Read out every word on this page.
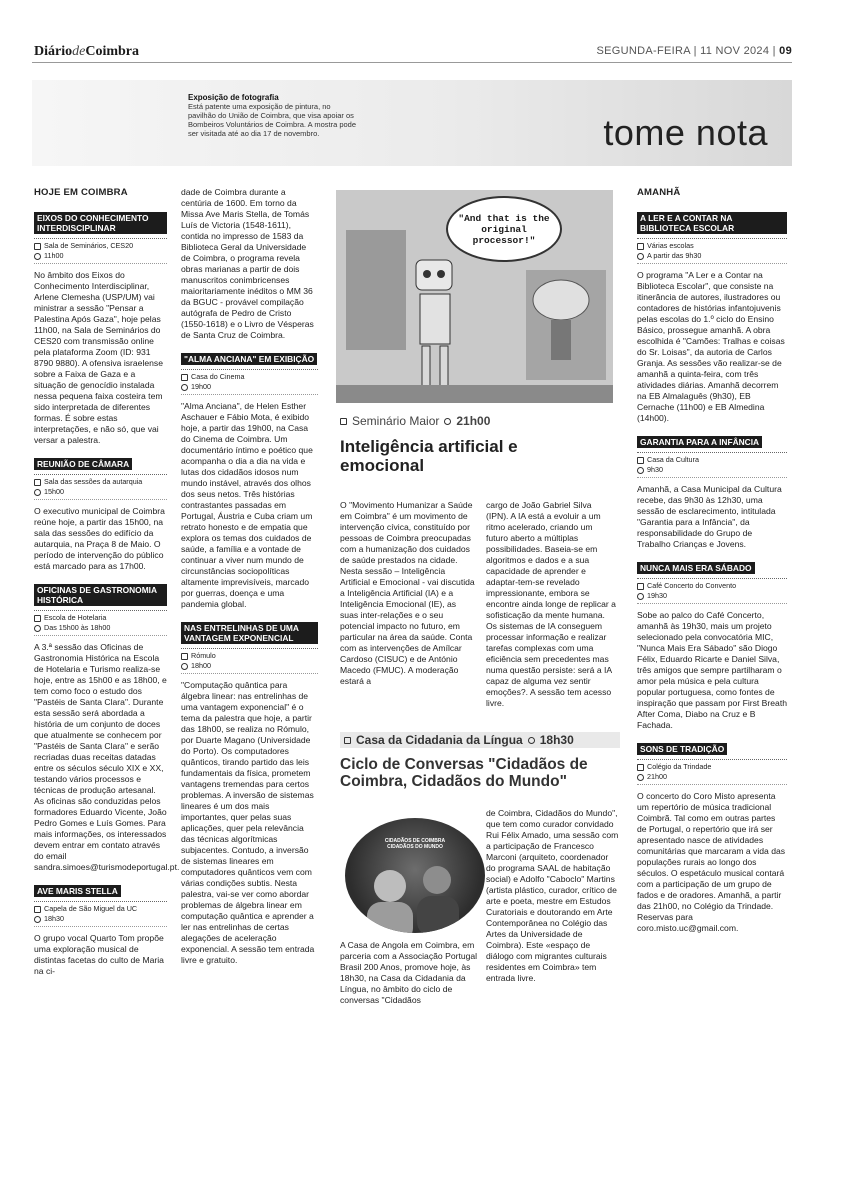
DiáriodeCoimbra	SEGUNDA-FEIRA | 11 NOV 2024 | 09
Exposição de fotografia
Está patente uma exposição de pintura, no pavilhão do União de Coimbra, que visa apoiar os Bombeiros Voluntários de Coimbra. A mostra pode ser visitada até ao dia 17 de novembro.	tome nota
HOJE EM COIMBRA
EIXOS DO CONHECIMENTO INTERDISCIPLINAR
Sala de Seminários, CES20
11h00

No âmbito dos Eixos do Conhecimento Interdisciplinar, Arlene Clemesha (USP/UM) vai ministrar a sessão "Pensar a Palestina Após Gaza", hoje pelas 11h00, na Sala de Seminários do CES20 com transmissão online pela plataforma Zoom (ID: 931 8790 9880). A ofensiva israelense sobre a Faixa de Gaza e a situação de genocídio instalada nessa pequena faixa costeira tem sido interpretada de diferentes formas. É sobre estas interpretações, e não só, que vai versar a palestra.

REUNIÃO DE CÂMARA
Sala das sessões da autarquia
15h00

O executivo municipal de Coimbra reúne hoje, a partir das 15h00, na sala das sessões do edifício da autarquia, na Praça 8 de Maio. O período de intervenção do público está marcado para as 17h00.

OFICINAS DE GASTRONOMIA HISTÓRICA
Escola de Hotelaria
Das 15h00 às 18h00

A 3.ª sessão das Oficinas de Gastronomia Histórica na Escola de Hotelaria e Turismo realiza-se hoje, entre as 15h00 e as 18h00, e tem como foco o estudo dos "Pastéis de Santa Clara". Durante esta sessão será abordada a história de um conjunto de doces que atualmente se conhecem por "Pastéis de Santa Clara" e serão recriadas duas receitas datadas entre os séculos século XIX e XX, testando vários processos e técnicas de produção artesanal. As oficinas são conduzidas pelos formadores Eduardo Vicente, João Pedro Gomes e Luís Gomes. Para mais informações, os interessados devem entrar em contato através do email sandra.simoes@turismodeportugal.pt.

AVE MARIS STELLA
Capela de São Miguel da UC
18h30

O grupo vocal Quarto Tom propõe uma exploração musical de distintas facetas do culto de Maria na ci-

dade de Coimbra durante a centúria de 1600. Em torno da Missa Ave Maris Stella, de Tomás Luís de Victoria (1548-1611), contida no impresso de 1583 da Biblioteca Geral da Universidade de Coimbra, o programa revela obras marianas a partir de dois manuscritos conimbricenses maioritariamente inéditos o MM 36 da BGUC - provável compilação autógrafa de Pedro de Cristo (1550-1618) e o Livro de Vésperas de Santa Cruz de Coimbra.

"ALMA ANCIANA" EM EXIBIÇÃO
Casa do Cinema
19h00

"Alma Anciana", de Helen Esther Aschauer e Fábio Mota, é exibido hoje, a partir das 19h00, na Casa do Cinema de Coimbra. Um documentário íntimo e poético que acompanha o dia a dia na vida e lutas dos cidadãos idosos num mundo instável, através dos olhos dos seus netos. Três histórias contrastantes passadas em Portugal, Áustria e Cuba criam um retrato honesto e de empatia que explora os temas dos cuidados de saúde, a família e a vontade de continuar a viver num mundo de circunstâncias sociopolíticas altamente imprevisíveis, marcado por guerras, doença e uma pandemia global.

NAS ENTRELINHAS DE UMA VANTAGEM EXPONENCIAL
Rómulo
18h00

"Computação quântica para álgebra linear: nas entrelinhas de uma vantagem exponencial" é o tema da palestra que hoje, a partir das 18h00, se realiza no Rómulo, por Duarte Magano (Universidade do Porto). Os computadores quânticos, tirando partido das leis fundamentais da física, prometem vantagens tremendas para certos problemas. A inversão de sistemas lineares é um dos mais importantes, quer pelas suas aplicações, quer pela relevância das técnicas algorítmicas subjacentes. Contudo, a inversão de sistemas lineares em computadores quânticos vem com várias condições subtis. Nesta palestra, vai-se ver como abordar problemas de álgebra linear em computação quântica e aprender a ler nas entrelinhas de certas alegações de aceleração exponencial. A sessão tem entrada livre e gratuito.

"And that is the original processor!"
Seminário Maior 21h00
Inteligência artificial e emocional

O "Movimento Humanizar a Saúde em Coimbra" é um movimento de intervenção cívica, constituído por pessoas de Coimbra preocupadas com a humanização dos cuidados de saúde prestados na cidade. Nesta sessão – Inteligência Artificial e Emocional - vai discutida a Inteligência Artificial (IA) e a Inteligência Emocional (IE), as suas inter-relações e o seu potencial impacto no futuro, em particular na área da saúde. Conta com as intervenções de Amílcar Cardoso (CISUC) e de António Macedo (FMUC). A moderação estará a

cargo de João Gabriel Silva (IPN). A IA está a evoluir a um ritmo acelerado, criando um futuro aberto a múltiplas possibilidades. Baseia-se em algoritmos e dados e a sua capacidade de aprender e adaptar-tem-se revelado impressionante, embora se encontre ainda longe de replicar a sofisticação da mente humana. Os sistemas de IA conseguem processar informação e realizar tarefas complexas com uma eficiência sem precedentes mas numa questão persiste: será a IA capaz de alguma vez sentir emoções?. A sessão tem acesso livre.

Casa da Cidadania da Língua 18h30
Ciclo de Conversas "Cidadãos de Coimbra, Cidadãos do Mundo"
CIDADÃOS DE COIMBRA CIDADÃOS DO MUNDO

A Casa de Angola em Coimbra, em parceria com a Associação Portugal Brasil 200 Anos, promove hoje, às 18h30, na Casa da Cidadania da Língua, no âmbito do ciclo de conversas "Cidadãos

de Coimbra, Cidadãos do Mundo", que tem como curador convidado Rui Félix Amado, uma sessão com a participação de Francesco Marconi (arquiteto, coordenador do programa SAAL de habitação social) e Adolfo "Caboclo" Martins (artista plástico, curador, crítico de arte e poeta, mestre em Estudos Curatoriais e doutorando em Arte Contemporânea no Colégio das Artes da Universidade de Coimbra). Este «espaço de diálogo com migrantes culturais residentes em Coimbra» tem entrada livre.

AMANHÃ
A LER E A CONTAR NA BIBLIOTECA ESCOLAR
Várias escolas
A partir das 9h30

O programa "A Ler e a Contar na Biblioteca Escolar", que consiste na itinerância de autores, ilustradores ou contadores de histórias infantojuvenis pelas escolas do 1.º ciclo do Ensino Básico, prossegue amanhã. A obra escolhida é "Camões: Tralhas e coisas do Sr. Loisas", da autoria de Carlos Granja. As sessões vão realizar-se de amanhã a quinta-feira, com três atividades diárias. Amanhã decorrem na EB Almalaguês (9h30), EB Cernache (11h00) e EB Almedina (14h00).

GARANTIA PARA A INFÂNCIA
Casa da Cultura
9h30

Amanhã, a Casa Municipal da Cultura recebe, das 9h30 às 12h30, uma sessão de esclarecimento, intitulada "Garantia para a Infância", da responsabilidade do Grupo de Trabalho Crianças e Jovens.

NUNCA MAIS ERA SÁBADO
Café Concerto do Convento
19h30

Sobe ao palco do Café Concerto, amanhã às 19h30, mais um projeto selecionado pela convocatória MIC, "Nunca Mais Era Sábado" são Diogo Félix, Eduardo Ricarte e Daniel Silva, três amigos que sempre partilharam o amor pela música e pela cultura popular portuguesa, como fontes de inspiração que passam por First Breath After Coma, Diabo na Cruz e B Fachada.

SONS DE TRADIÇÃO
Colégio da Trindade
21h00

O concerto do Coro Misto apresenta um repertório de música tradicional Coimbrã. Tal como em outras partes de Portugal, o repertório que irá ser apresentado nasce de atividades comunitárias que marcaram a vida das populações rurais ao longo dos séculos. O espetáculo musical contará com a participação de um grupo de fados e de oradores. Amanhã, a partir das 21h00, no Colégio da Trindade. Reservas para coro.misto.uc@gmail.com.
